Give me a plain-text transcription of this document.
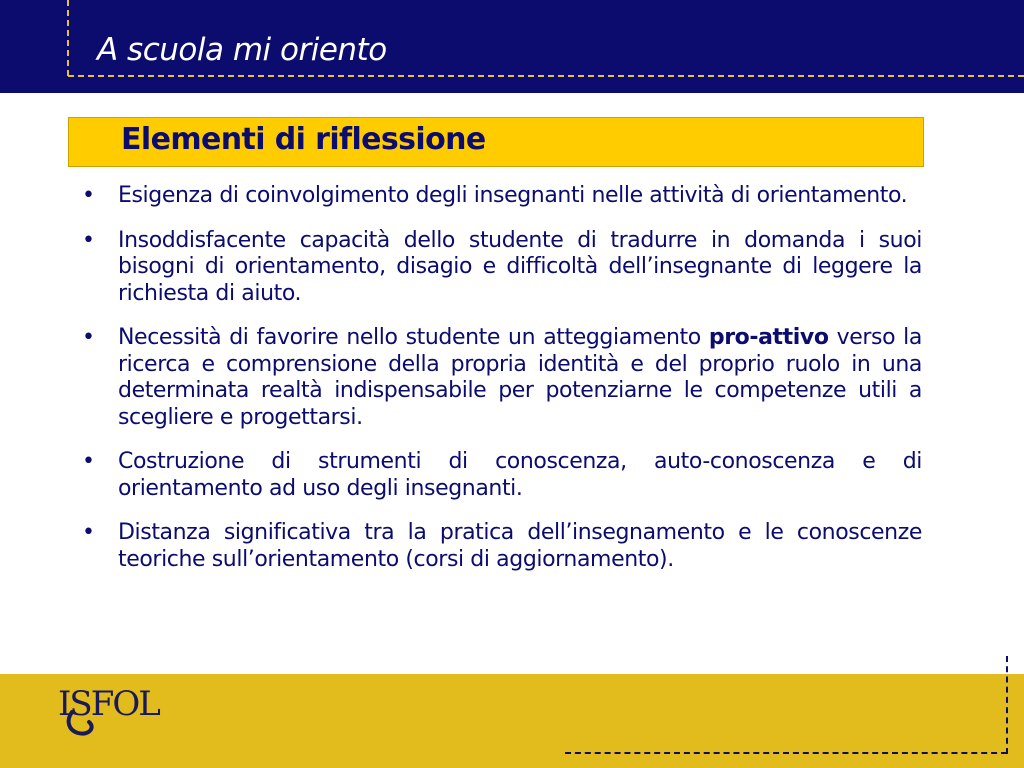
A scuola mi oriento
Elementi di riflessione
• Esigenza di coinvolgimento degli insegnanti nelle attività di orientamento.
• Insoddisfacente capacità dello studente di tradurre in domanda i suoi bisogni di orientamento, disagio e difficoltà dell’insegnante di leggere la richiesta di aiuto.
• Necessità di favorire nello studente un atteggiamento pro-attivo verso la ricerca e comprensione della propria identità e del proprio ruolo in una determinata realtà indispensabile per potenziarne le competenze utili a scegliere e progettarsi.
• Costruzione di strumenti di conoscenza, auto-conoscenza e di orientamento ad uso degli insegnanti.
• Distanza significativa tra la pratica dell’insegnamento e le conoscenze teoriche sull’orientamento (corsi di aggiornamento).
ISFOL
